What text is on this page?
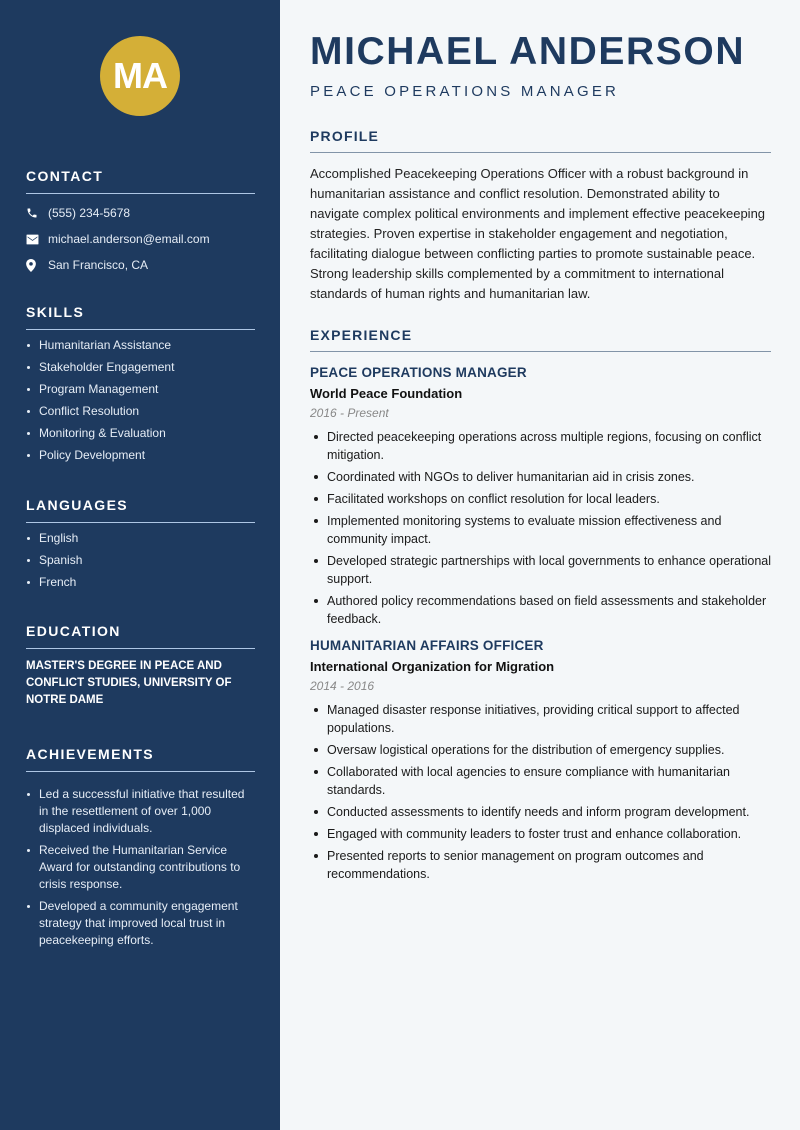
MA
CONTACT
(555) 234-5678
michael.anderson@email.com
San Francisco, CA
SKILLS
Humanitarian Assistance
Stakeholder Engagement
Program Management
Conflict Resolution
Monitoring & Evaluation
Policy Development
LANGUAGES
English
Spanish
French
EDUCATION

MASTER'S DEGREE IN PEACE AND CONFLICT STUDIES, UNIVERSITY OF NOTRE DAME

ACHIEVEMENTS
Led a successful initiative that resulted in the resettlement of over 1,000 displaced individuals.
Received the Humanitarian Service Award for outstanding contributions to crisis response.
Developed a community engagement strategy that improved local trust in peacekeeping efforts.
MICHAEL ANDERSON
PEACE OPERATIONS MANAGER
PROFILE

Accomplished Peacekeeping Operations Officer with a robust background in humanitarian assistance and conflict resolution. Demonstrated ability to navigate complex political environments and implement effective peacekeeping strategies. Proven expertise in stakeholder engagement and negotiation, facilitating dialogue between conflicting parties to promote sustainable peace. Strong leadership skills complemented by a commitment to international standards of human rights and humanitarian law.

EXPERIENCE
PEACE OPERATIONS MANAGER
World Peace Foundation
2016 - Present
Directed peacekeeping operations across multiple regions, focusing on conflict mitigation.
Coordinated with NGOs to deliver humanitarian aid in crisis zones.
Facilitated workshops on conflict resolution for local leaders.
Implemented monitoring systems to evaluate mission effectiveness and community impact.
Developed strategic partnerships with local governments to enhance operational support.
Authored policy recommendations based on field assessments and stakeholder feedback.
HUMANITARIAN AFFAIRS OFFICER
International Organization for Migration
2014 - 2016
Managed disaster response initiatives, providing critical support to affected populations.
Oversaw logistical operations for the distribution of emergency supplies.
Collaborated with local agencies to ensure compliance with humanitarian standards.
Conducted assessments to identify needs and inform program development.
Engaged with community leaders to foster trust and enhance collaboration.
Presented reports to senior management on program outcomes and recommendations.
